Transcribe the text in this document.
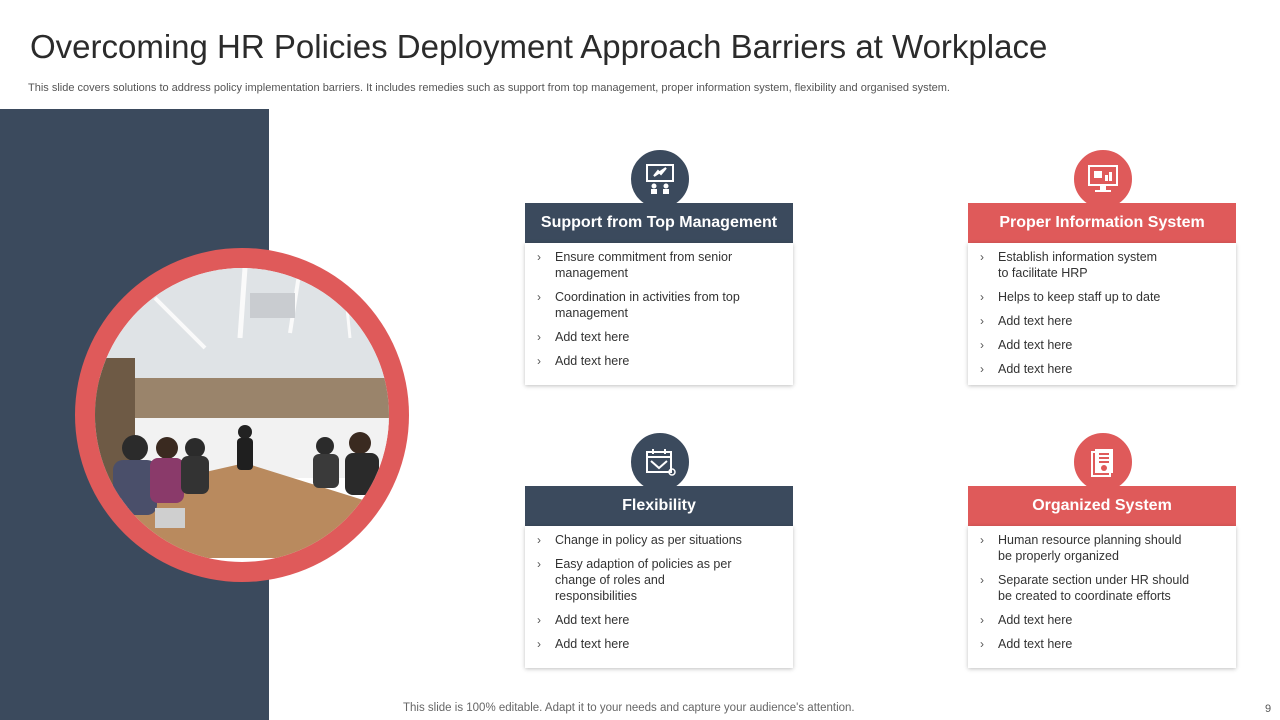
Overcoming HR Policies Deployment Approach Barriers at Workplace
This slide covers solutions to address policy implementation barriers. It includes remedies such as support from top management, proper information system, flexibility and organised system.
Support from Top Management
› Ensure commitment from senior
management
› Coordination in activities from top
management
› Add text here
› Add text here
Proper Information System
› Establish information system
to facilitate HRP
› Helps to keep staff up to date
› Add text here
› Add text here
› Add text here
Flexibility
› Change in policy as per situations
› Easy adaption of policies as per
change of roles and
responsibilities
› Add text here
› Add text here
Organized System
› Human resource planning should
be properly organized
› Separate section under HR should
be created to coordinate efforts
› Add text here
› Add text here
This slide is 100% editable. Adapt it to your needs and capture your audience's attention.	9
